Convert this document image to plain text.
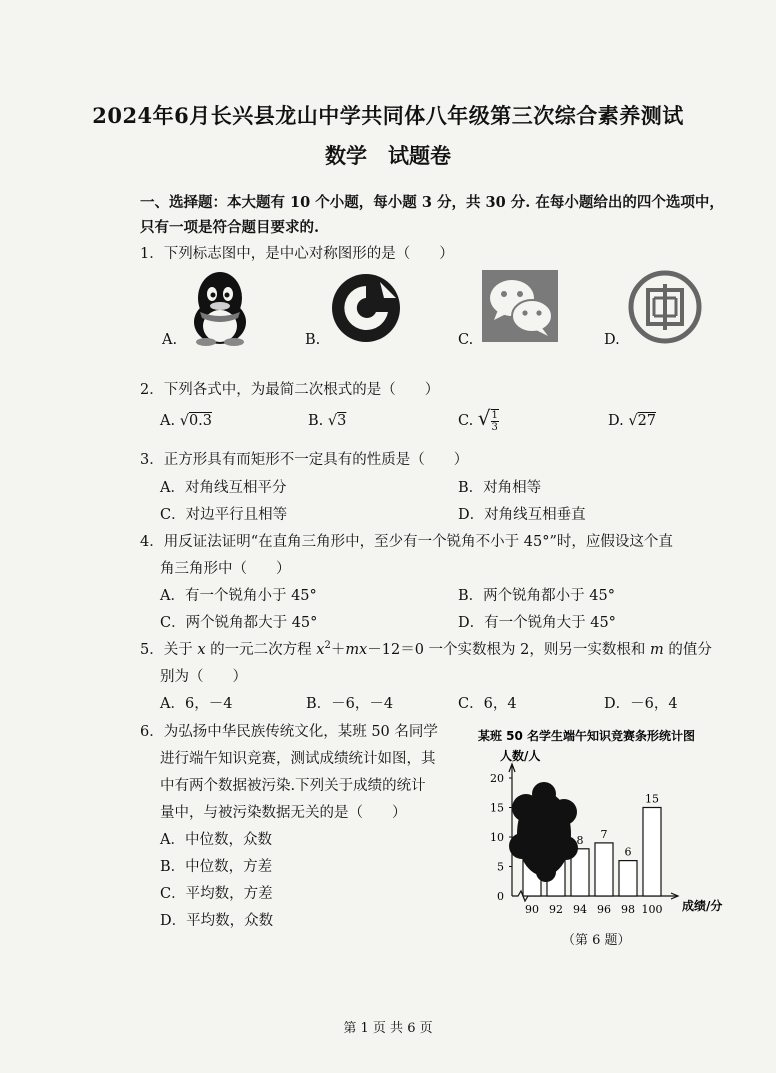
2024年6月长兴县龙山中学共同体八年级第三次综合素养测试
数学　试题卷
一、选择题：本大题有 10 个小题，每小题 3 分，共 30 分. 在每小题给出的四个选项中，
只有一项是符合题目要求的.
1．下列标志图中，是中心对称图形的是（　　）
A.	B.	C.	D.
2．下列各式中，为最简二次根式的是（　　）
A. √0.3	B. √3	C. √ $\frac{1}{3}$	D. √27
3．正方形具有而矩形不一定具有的性质是（　　）
A．对角线互相平分	B．对角相等
C．对边平行且相等	D．对角线互相垂直
4．用反证法证明“在直角三角形中，至少有一个锐角不小于 45°”时，应假设这个直
角三角形中（　　）
A．有一个锐角小于 45°	B．两个锐角都小于 45°
C．两个锐角都大于 45°	D．有一个锐角大于 45°
5．关于 x 的一元二次方程 $x^2+mx-12=0$ 一个实数根为 2，则另一实数根和 m 的值分
别为（　　）
A．6，－4	B．－6，－4	C．6，4	D．－6，4
6．为弘扬中华民族传统文化，某班 50 名同学
进行端午知识竞赛，测试成绩统计如图，其
中有两个数据被污染.下列关于成绩的统计
量中，与被污染数据无关的是（　　）
A．中位数，众数
B．中位数，方差
C．平均数，方差
D．平均数，众数
某班 50 名学生端午知识竞赛条形统计图
人数/人
0
5
10
15
20
8 7
6
15
90 92 94 96 98 100 成绩/分
（第 6 题）
第 1 页 共 6 页
